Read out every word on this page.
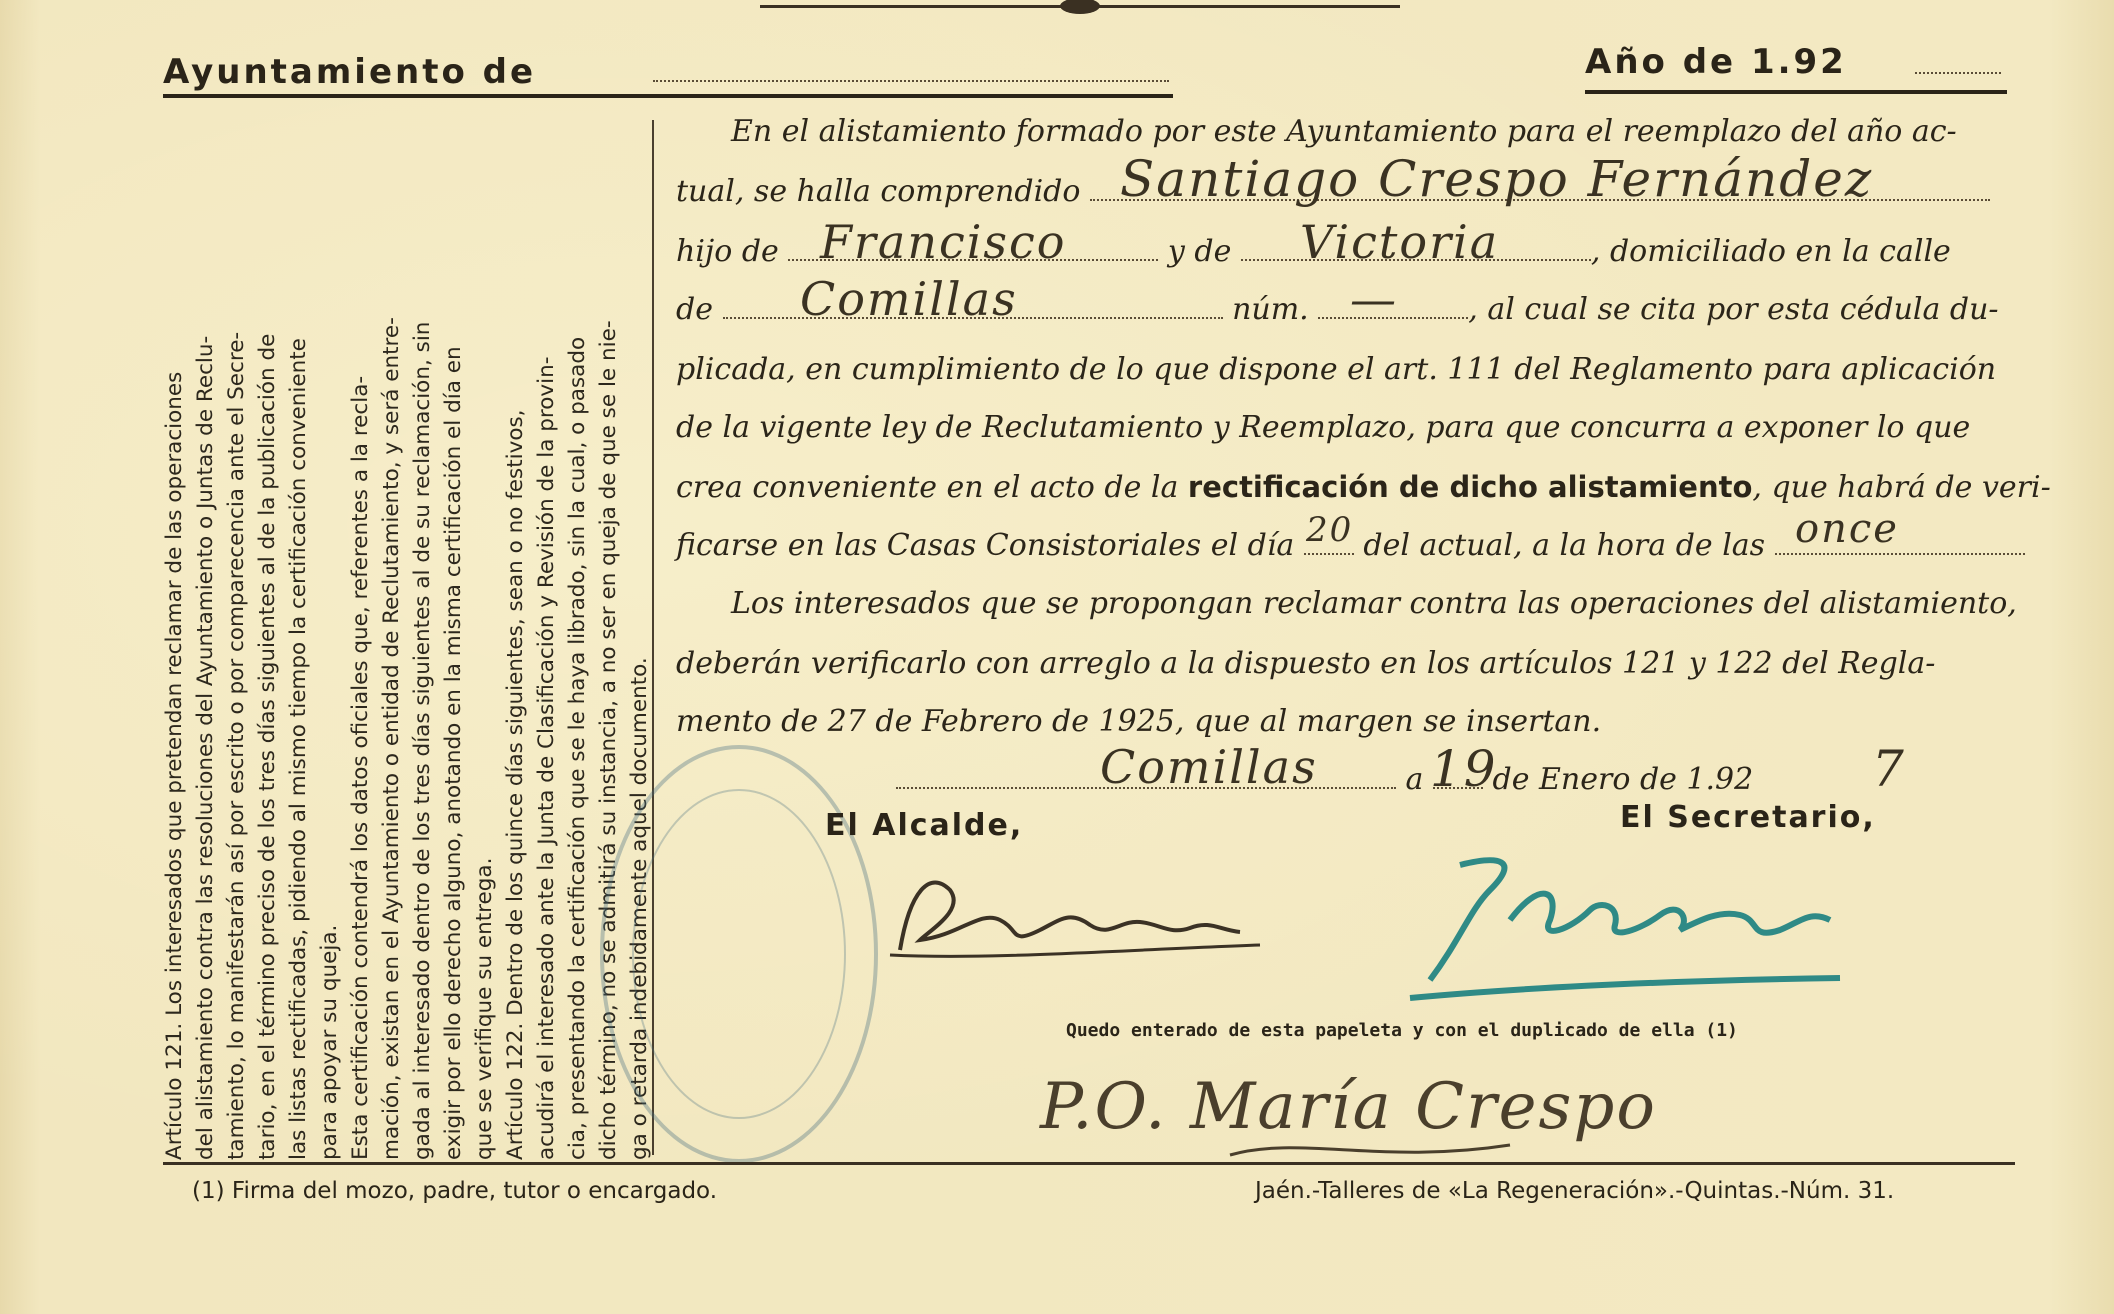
Ayuntamiento de	Año de 1.92
Artículo 121. Los interesados que pretendan reclamar de las operaciones del alistamiento contra las resoluciones del Ayuntamiento o Juntas de Reclu- tamiento, lo manifestarán así por escrito o por comparecencia ante el Secre- tario, en el término preciso de los tres días siguientes al de la publicación de las listas rectificadas, pidiendo al mismo tiempo la certificación conveniente para apoyar su queja. Esta certificación contendrá los datos oficiales que, referentes a la recla- mación, existan en el Ayuntamiento o entidad de Reclutamiento, y será entre- gada al interesado dentro de los tres días siguientes al de su reclamación, sin exigir por ello derecho alguno, anotando en la misma certificación el día en que se verifique su entrega. Artículo 122. Dentro de los quince días siguientes, sean o no festivos, acudirá el interesado ante la Junta de Clasificación y Revisión de la provin- cia, presentando la certificación que se le haya librado, sin la cual, o pasado dicho término, no se admitirá su instancia, a no ser en queja de que se le nie- ga o retarda indebidamente aquel documento.
En el alistamiento formado por este Ayuntamiento para el reemplazo del año ac-
tual, se halla comprendido
hijo de	y de	, domiciliado en la calle
de	núm.	, al cual se cita por esta cédula du-
plicada, en cumplimiento de lo que dispone el art. 111 del Reglamento para aplicación
de la vigente ley de Reclutamiento y Reemplazo, para que concurra a exponer lo que
crea conveniente en el acto de la rectificación de dicho alistamiento, que habrá de veri-
ficarse en las Casas Consistoriales el día del actual, a la hora de las
Los interesados que se propongan reclamar contra las operaciones del alistamiento,
deberán verificarlo con arreglo a la dispuesto en los artículos 121 y 122 del Regla-
mento de 27 de Febrero de 1925, que al margen se insertan.
a de Enero de 1.92
Santiago Crespo Fernández
Francisco	Victoria
Comillas	—
20	once
Comillas 19	7
El Alcalde,	El Secretario,
Quedo enterado de esta papeleta y con el duplicado de ella (1)
P.O. María Crespo
(1) Firma del mozo, padre, tutor o encargado.	Jaén.-Talleres de «La Regeneración».-Quintas.-Núm. 31.
